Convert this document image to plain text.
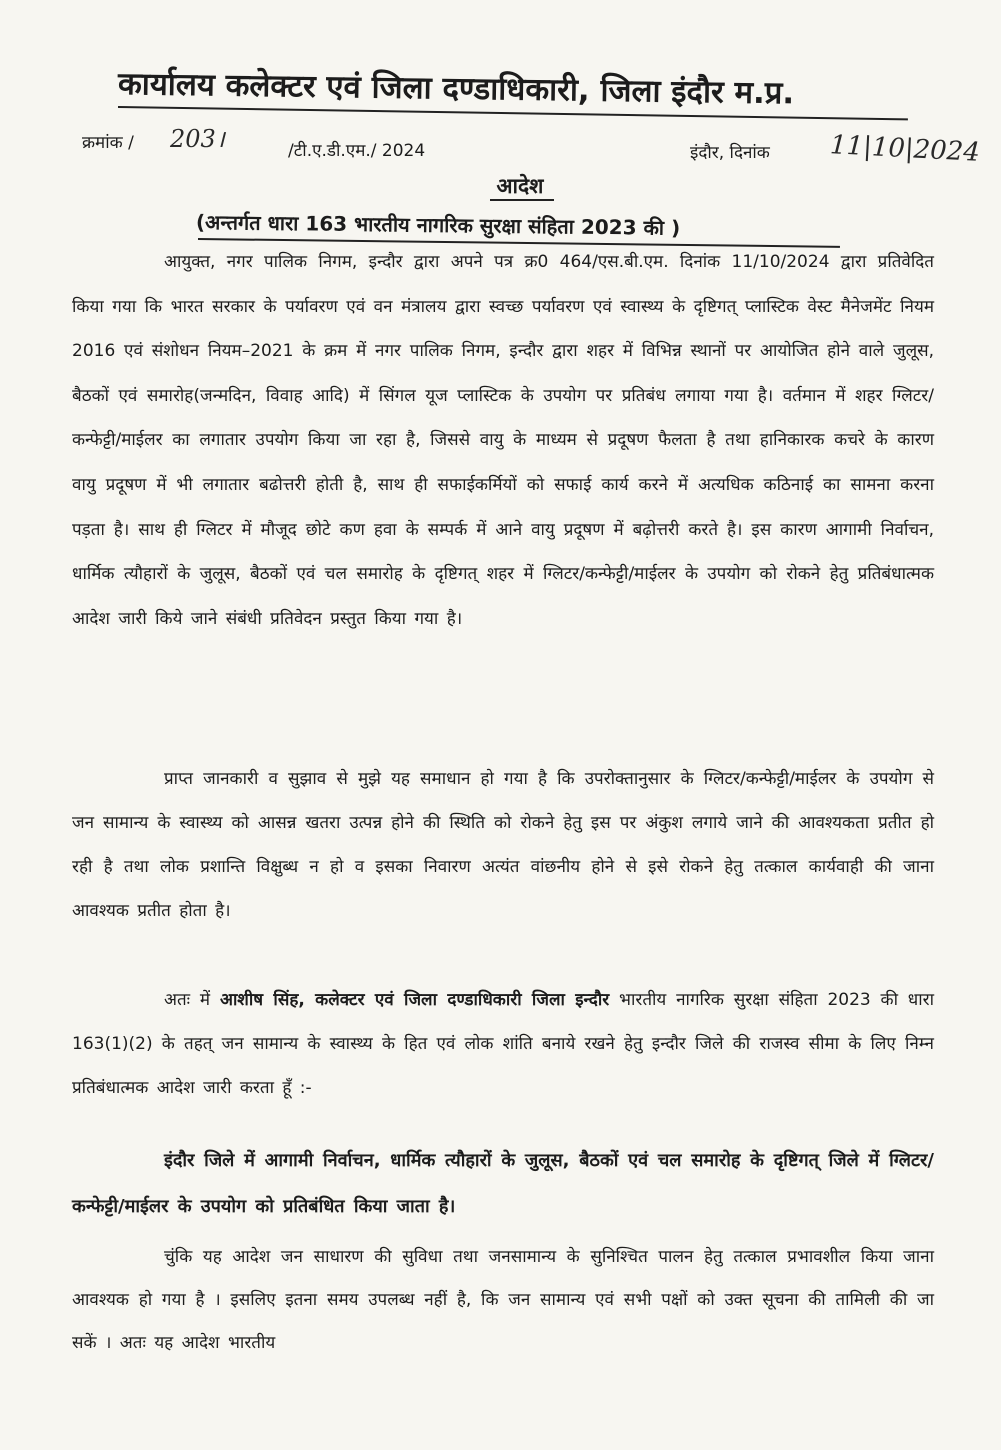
कार्यालय कलेक्टर एवं जिला दण्डाधिकारी, जिला इंदौर म.प्र.
क्रमांक / 203।	/टी.ए.डी.एम./ 2024	इंदौर, दिनांक 11|10|2024
आदेश
(अन्तर्गत धारा 163 भारतीय नागरिक सुरक्षा संहिता 2023 की )
आयुक्त, नगर पालिक निगम, इन्दौर द्वारा अपने पत्र क्र0 464/एस.बी.एम. दिनांक 11/10/2024 द्वारा प्रतिवेदित किया गया कि भारत सरकार के पर्यावरण एवं वन मंत्रालय द्वारा स्वच्छ पर्यावरण एवं स्वास्थ्य के दृष्टिगत् प्लास्टिक वेस्ट मैनेजमेंट नियम 2016 एवं संशोधन नियम–2021 के क्रम में नगर पालिक निगम, इन्दौर द्वारा शहर में विभिन्न स्थानों पर आयोजित होने वाले जुलूस, बैठकों एवं समारोह(जन्मदिन, विवाह आदि) में सिंगल यूज प्लास्टिक के उपयोग पर प्रतिबंध लगाया गया है। वर्तमान में शहर ग्लिटर/कन्फेट्टी/माईलर का लगातार उपयोग किया जा रहा है, जिससे वायु के माध्यम से प्रदूषण फैलता है तथा हानिकारक कचरे के कारण वायु प्रदूषण में भी लगातार बढोत्तरी होती है, साथ ही सफाईकर्मियों को सफाई कार्य करने में अत्यधिक कठिनाई का सामना करना पड़ता है। साथ ही ग्लिटर में मौजूद छोटे कण हवा के सम्पर्क में आने वायु प्रदूषण में बढ़ोत्तरी करते है। इस कारण आगामी निर्वाचन, धार्मिक त्यौहारों के जुलूस, बैठकों एवं चल समारोह के दृष्टिगत् शहर में ग्लिटर/कन्फेट्टी/माईलर के उपयोग को रोकने हेतु प्रतिबंधात्मक आदेश जारी किये जाने संबंधी प्रतिवेदन प्रस्तुत किया गया है।
प्राप्त जानकारी व सुझाव से मुझे यह समाधान हो गया है कि उपरोक्तानुसार के ग्लिटर/कन्फेट्टी/माईलर के उपयोग से जन सामान्य के स्वास्थ्य को आसन्न खतरा उत्पन्न होने की स्थिति को रोकने हेतु इस पर अंकुश लगाये जाने की आवश्यकता प्रतीत हो रही है तथा लोक प्रशान्ति विक्षुब्ध न हो व इसका निवारण अत्यंत वांछनीय होने से इसे रोकने हेतु तत्काल कार्यवाही की जाना आवश्यक प्रतीत होता है।
अतः में आशीष सिंह, कलेक्टर एवं जिला दण्डाधिकारी जिला इन्दौर भारतीय नागरिक सुरक्षा संहिता 2023 की धारा 163(1)(2) के तहत् जन सामान्य के स्वास्थ्य के हित एवं लोक शांति बनाये रखने हेतु इन्दौर जिले की राजस्व सीमा के लिए निम्न प्रतिबंधात्मक आदेश जारी करता हूँ :-
इंदौर जिले में आगामी निर्वाचन, धार्मिक त्यौहारों के जुलूस, बैठकों एवं चल समारोह के दृष्टिगत् जिले में ग्लिटर/कन्फेट्टी/माईलर के उपयोग को प्रतिबंधित किया जाता है।
चुंकि यह आदेश जन साधारण की सुविधा तथा जनसामान्य के सुनिश्चित पालन हेतु तत्काल प्रभावशील किया जाना आवश्यक हो गया है । इसलिए इतना समय उपलब्ध नहीं है, कि जन सामान्य एवं सभी पक्षों को उक्त सूचना की तामिली की जा सकें । अतः यह आदेश भारतीय
